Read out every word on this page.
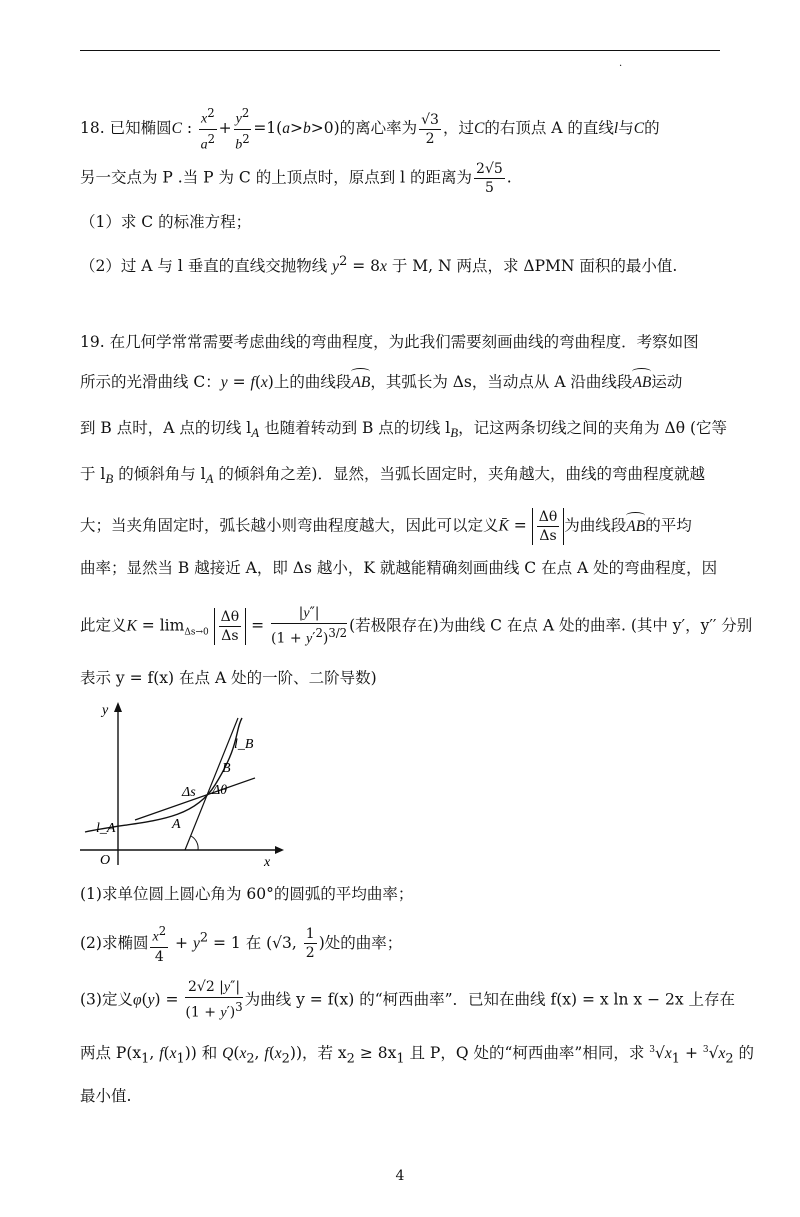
.
18. 已知椭圆C : $\frac{x^2}{a^2} + \frac{y^2}{b^2} =1(a>b>0)$的离心率为 $\frac{√3}{2}$ ，过C的右顶点 A 的直线l与C的
另一交点为 P .当 P 为 C 的上顶点时，原点到 l 的距离为 $\frac{2√5}{5}$ .
（1）求 C 的标准方程；
（2）过 A 与 l 垂直的直线交抛物线 $y^2 = 8x$ 于 M, N 两点，求 ΔPMN 面积的最小值.
19. 在几何学常常需要考虑曲线的弯曲程度，为此我们需要刻画曲线的弯曲程度．考察如图
所示的光滑曲线 C：y = f(x)上的曲线段AB，其弧长为 Δs，当动点从 A 沿曲线段AB运动
到 B 点时，A 点的切线 $l_A$ 也随着转动到 B 点的切线 $l_B$，记这两条切线之间的夹角为 Δθ (它等
于 $l_B$ 的倾斜角与 $l_A$ 的倾斜角之差)．显然，当弧长固定时，夹角越大，曲线的弯曲程度就越
大；当夹角固定时，弧长越小则弯曲程度越大，因此可以定义K̄ = $\frac{\Delta\theta}{\Delta s}$ 为曲线段AB的平均
曲率；显然当 B 越接近 A，即 Δs 越小，K 就越能精确刻画曲线 C 在点 A 处的弯曲程度，因
此定义$K = \lim_{\Delta s\to 0} \frac{\Delta\theta}{\Delta s} = \frac{|y''|}{(1 + y'^2)^{3/2}}$ (若极限存在)为曲线 C 在点 A 处的曲率. (其中 y′，y′′ 分别
表示 y = f(x) 在点 A 处的一阶、二阶导数)
y
l_B
B
Δs Δθ
A
l_A
O	x
(1)求单位圆上圆心角为 60°的圆弧的平均曲率；
(2)求椭圆 $\frac{x^2}{4} + y^2 = 1$ 在 (√3, $\frac{1}{2}$ )处的曲率；
(3)定义$\varphi(y) = \frac{2√2 |y''|}{(1 + y')^3}$ 为曲线 y = f(x) 的“柯西曲率”．已知在曲线 f(x) = x ln x − 2x 上存在
两点 $P(x_1$, $f(x_1)$) 和 $Q(x_2$, $f(x_2)$)，若 $x_2 \ge 8x_1$ 且 P，Q 处的“柯西曲率”相同，求 $^3√x_1 + ^3√x_2$ 的
最小值.
4
